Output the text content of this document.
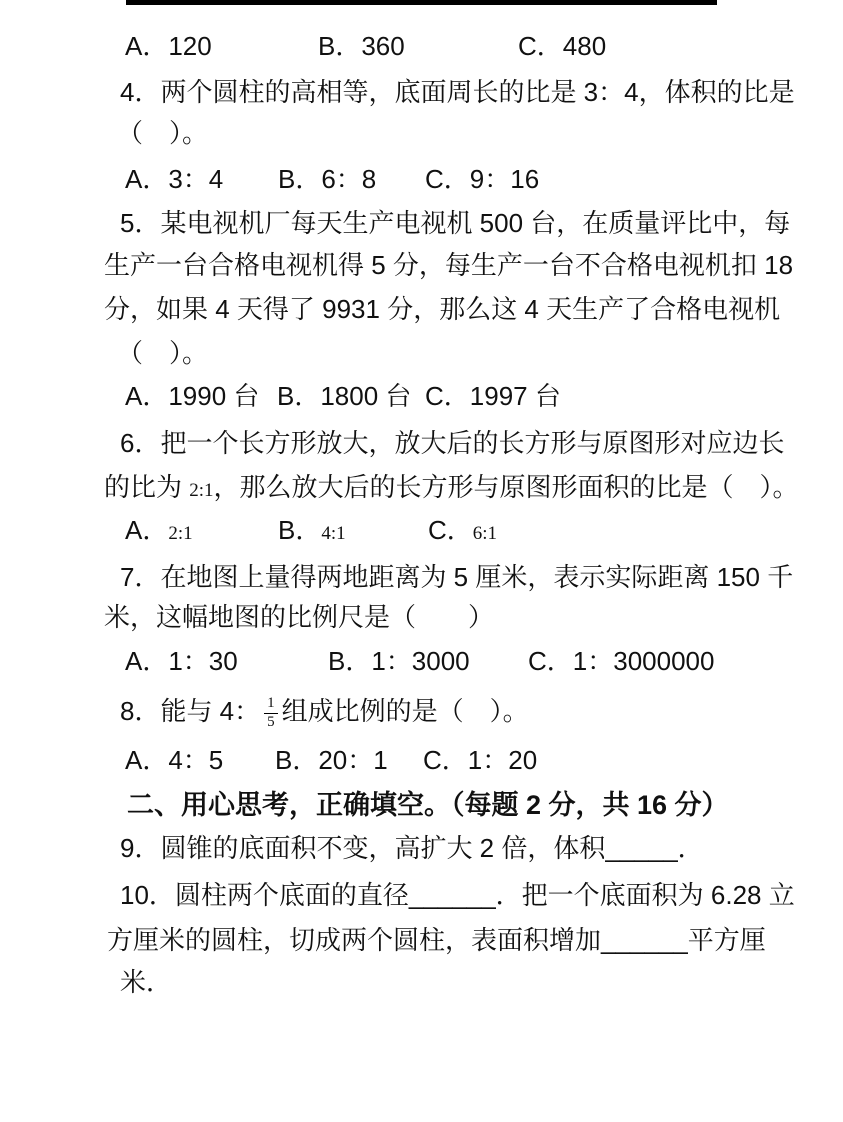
A．120	B．360	C．480
4．两个圆柱的高相等，底面周长的比是 3：4，体积的比是
（　）。
A．3：4 B．6：8 C．9：16
5．某电视机厂每天生产电视机 500 台，在质量评比中，每
生产一台合格电视机得 5 分，每生产一台不合格电视机扣 18
分，如果 4 天得了 9931 分，那么这 4 天生产了合格电视机
（　）。
A．1990 台 B．1800 台 C．1997 台
6．把一个长方形放大，放大后的长方形与原图形对应边长
的比为 2:1，那么放大后的长方形与原图形面积的比是（　）。
A．2:1	B．4:1	C．6:1
7．在地图上量得两地距离为 5 厘米，表示实际距离 150 千
米，这幅地图的比例尺是（　　）
A．1：30	B．1：3000 C．1：3000000
8．能与 4： $\frac{1}{5}$ 组成比例的是（　）。
A．4：5 B．20：1 C．1：20
二、用心思考，正确填空。（每题 2 分，共 16 分）
9．圆锥的底面积不变，高扩大 2 倍，体积_____．
10．圆柱两个底面的直径______．把一个底面积为 6.28 立
方厘米的圆柱，切成两个圆柱，表面积增加______平方厘
米．
